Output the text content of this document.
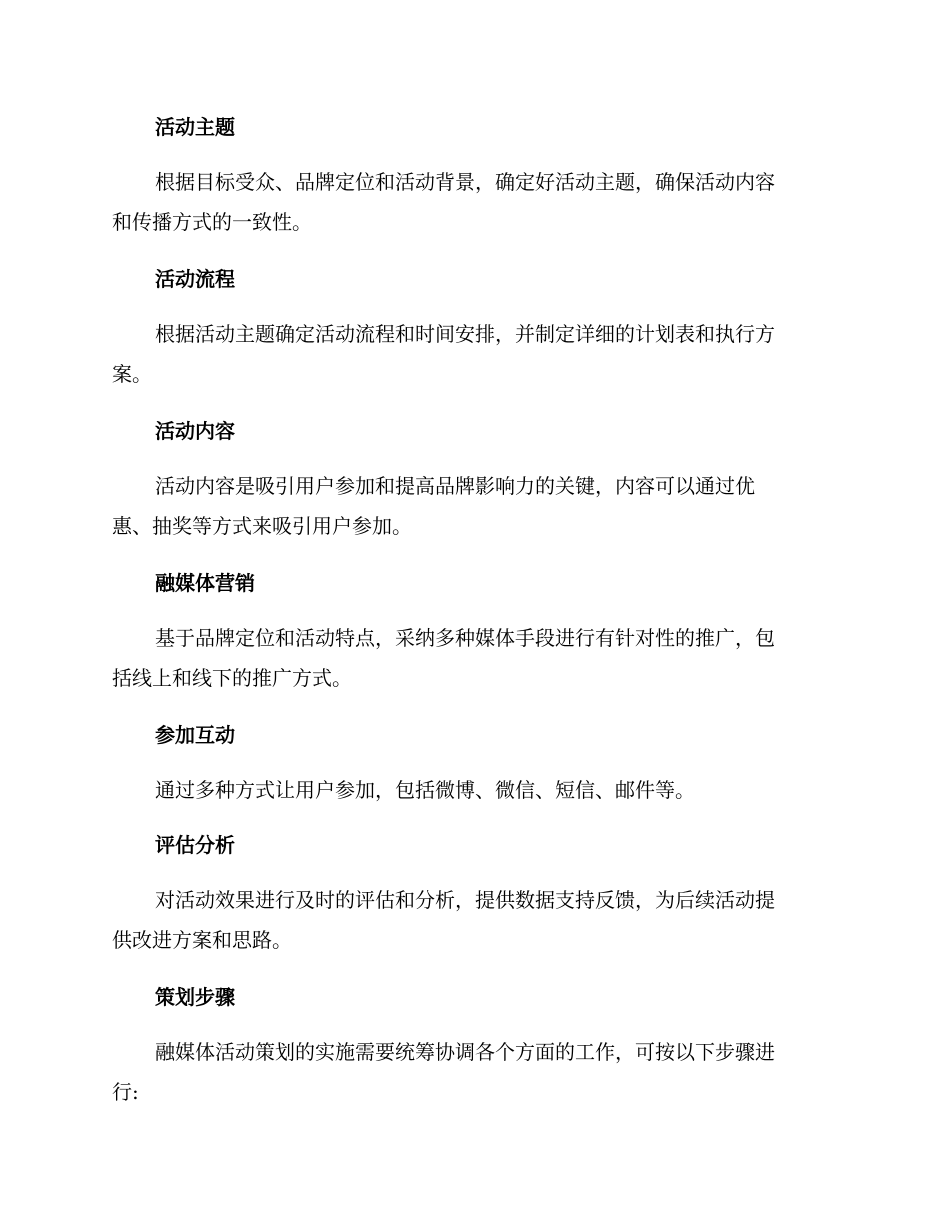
活动主题
根据目标受众、品牌定位和活动背景，确定好活动主题，确保活动内容
和传播方式的一致性。
活动流程
根据活动主题确定活动流程和时间安排，并制定详细的计划表和执行方
案。
活动内容
活动内容是吸引用户参加和提高品牌影响力的关键，内容可以通过优
惠、抽奖等方式来吸引用户参加。
融媒体营销
基于品牌定位和活动特点，采纳多种媒体手段进行有针对性的推广，包
括线上和线下的推广方式。
参加互动
通过多种方式让用户参加，包括微博、微信、短信、邮件等。
评估分析
对活动效果进行及时的评估和分析，提供数据支持反馈，为后续活动提
供改进方案和思路。
策划步骤
融媒体活动策划的实施需要统筹协调各个方面的工作，可按以下步骤进
行:
